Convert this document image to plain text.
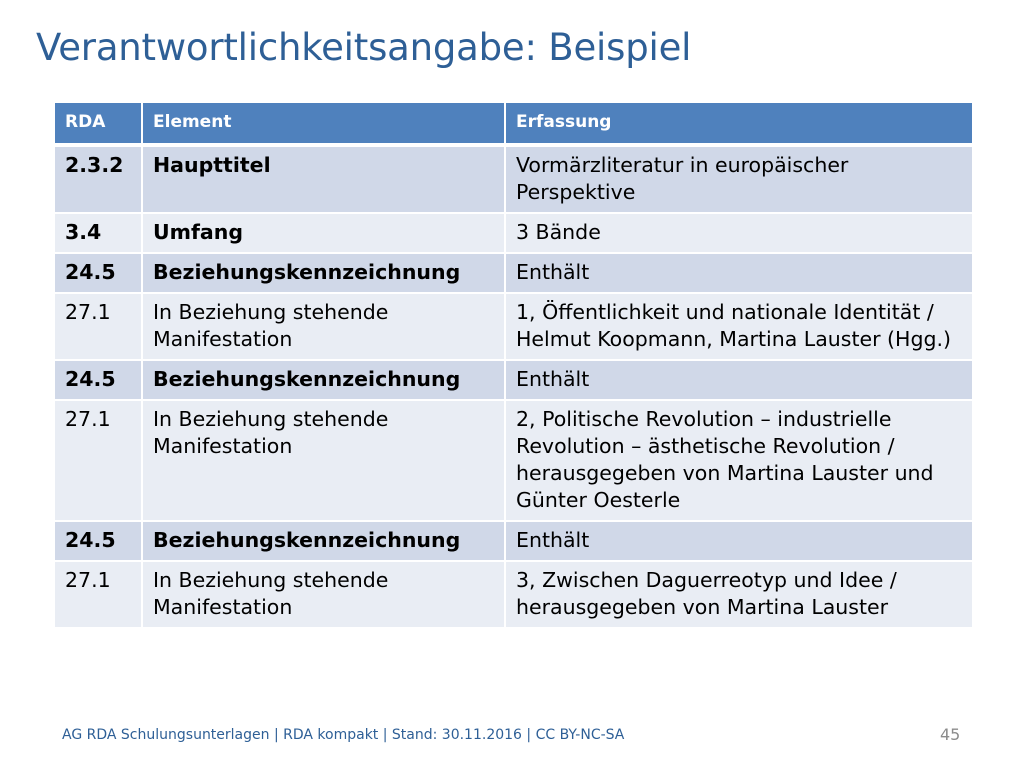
Verantwortlichkeitsangabe: Beispiel
RDA	Element	Erfassung
2.3.2	Haupttitel	Vormärzliteratur in europäischer Perspektive
3.4	Umfang	3 Bände
24.5	Beziehungskennzeichnung	Enthält
27.1	In Beziehung stehende Manifestation	1, Öffentlichkeit und nationale Identität / Helmut Koopmann, Martina Lauster (Hgg.)
24.5	Beziehungskennzeichnung	Enthält
27.1	In Beziehung stehende Manifestation	2, Politische Revolution – industrielle Revolution – ästhetische Revolution / herausgegeben von Martina Lauster und Günter Oesterle
24.5	Beziehungskennzeichnung	Enthält
27.1	In Beziehung stehende Manifestation	3, Zwischen Daguerreotyp und Idee / herausgegeben von Martina Lauster
AG RDA Schulungsunterlagen | RDA kompakt | Stand: 30.11.2016 | CC BY-NC-SA	45
